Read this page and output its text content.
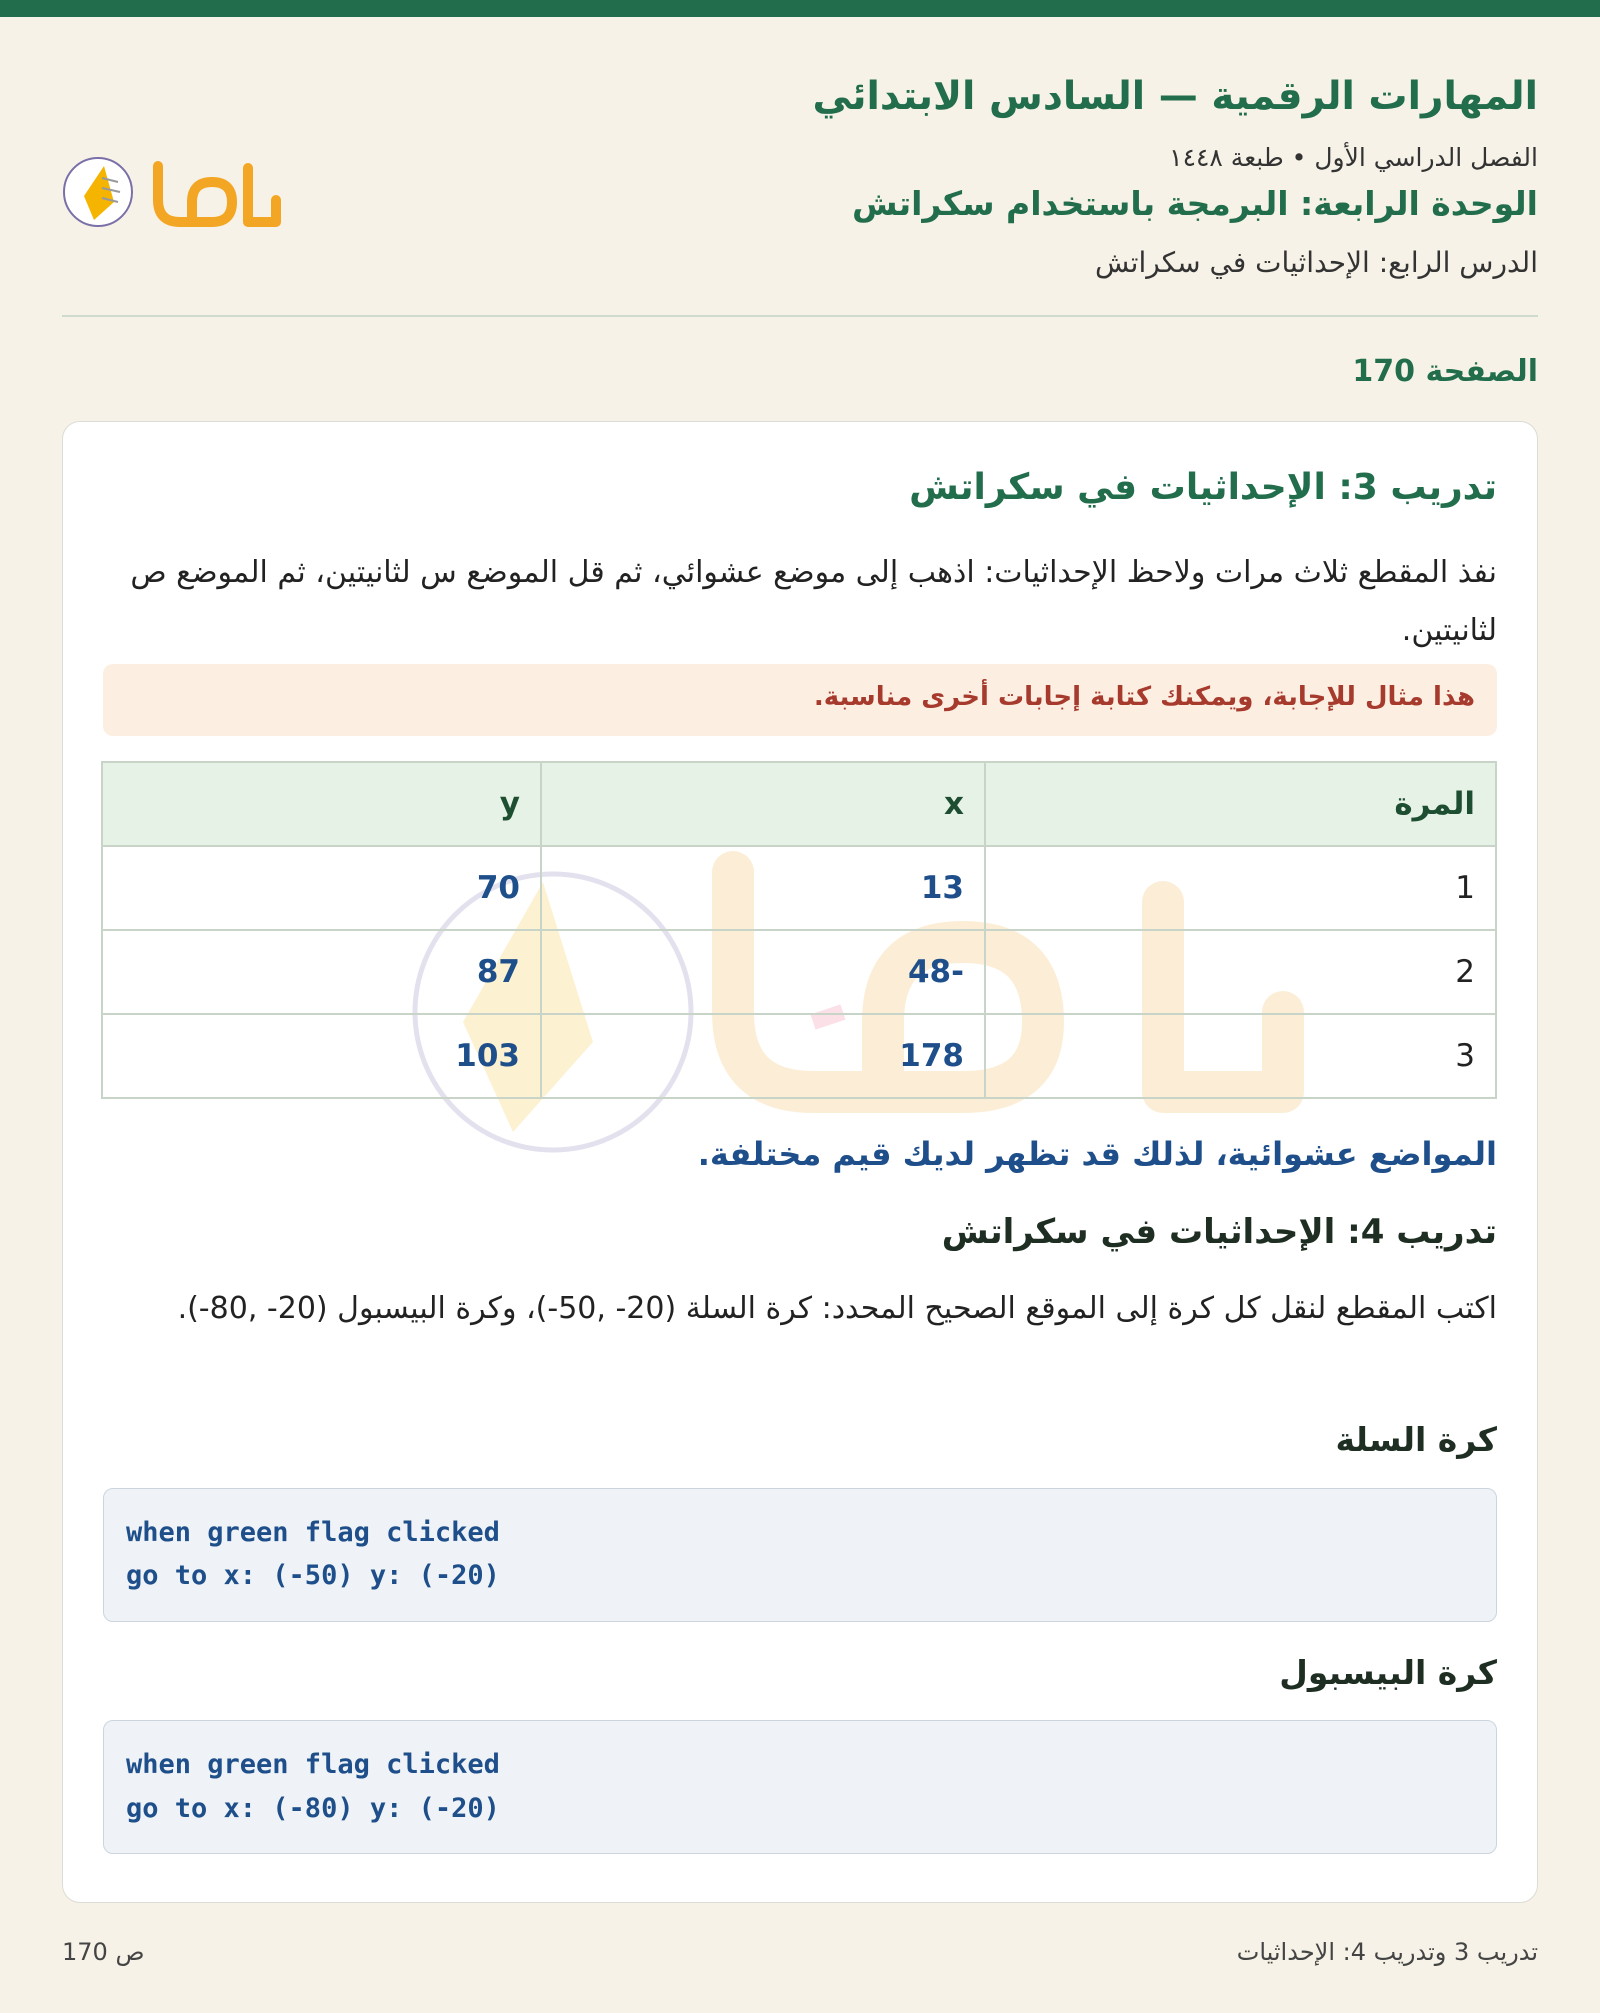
المهارات الرقمية — السادس الابتدائي
الفصل الدراسي الأول • طبعة ١٤٤٨
الوحدة الرابعة: البرمجة باستخدام سكراتش
الدرس الرابع: الإحداثيات في سكراتش
الصفحة 170
تدريب 3: الإحداثيات في سكراتش
نفذ المقطع ثلاث مرات ولاحظ الإحداثيات: اذهب إلى موضع عشوائي، ثم قل الموضع س لثانيتين، ثم الموضع ص لثانيتين.
هذا مثال للإجابة، ويمكنك كتابة إجابات أخرى مناسبة.
المرة	x	y
1	13	70
2	-48	87
3	178	103
المواضع عشوائية، لذلك قد تظهر لديك قيم مختلفة.
تدريب 4: الإحداثيات في سكراتش
اكتب المقطع لنقل كل كرة إلى الموقع الصحيح المحدد: كرة السلة (20- ,50-)، وكرة البيسبول (20- ,80-).
كرة السلة
when green flag clicked
go to x: (-50) y: (-20)
كرة البيسبول
when green flag clicked
go to x: (-80) y: (-20)
تدريب 3 وتدريب 4: الإحداثيات
ص 170
